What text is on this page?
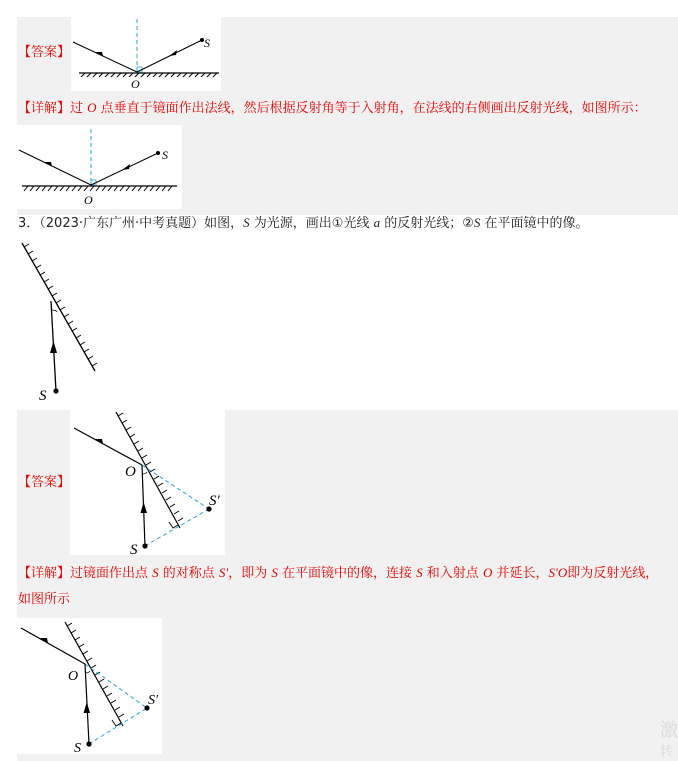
【答案】
S
O
【详解】过 O 点垂直于镜面作出法线，然后根据反射角等于入射角，在法线的右侧画出反射光线，如图所示：
S
O
3．（2023·广东广州·中考真题）如图，S 为光源，画出①光线 a 的反射光线；②S 在平面镜中的像。
S
【答案】
O
S
S′
【详解】过镜面作出点 S 的对称点 S′，即为 S 在平面镜中的像，连接 S 和入射点 O 并延长，S′O即为反射光线，
如图所示
O
S
S′
激
转
